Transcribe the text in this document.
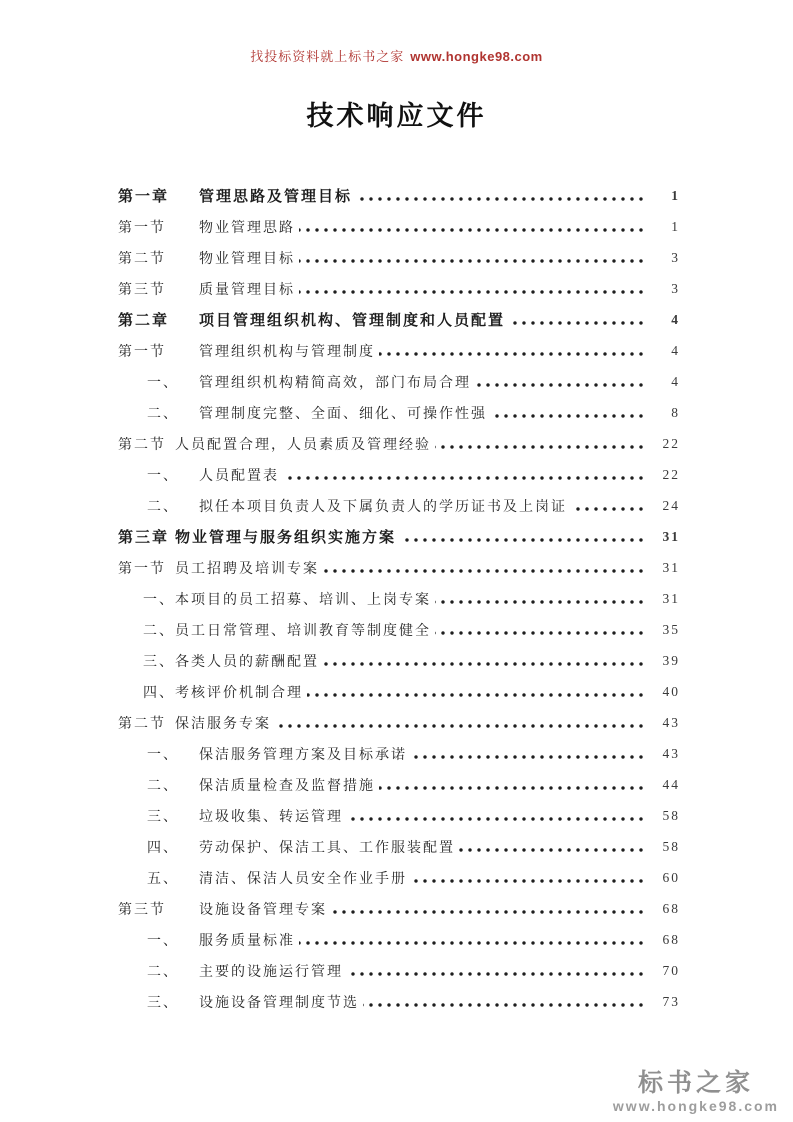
找投标资料就上标书之家 www.hongke98.com
技术响应文件
第一章	管理思路及管理目标	1
第一节	物业管理思路	1
第二节	物业管理目标	3
第三节	质量管理目标	3
第二章	项目管理组织机构、管理制度和人员配置	4
第一节	管理组织机构与管理制度	4
一、	管理组织机构精简高效，部门布局合理	4
二、	管理制度完整、全面、细化、可操作性强	8
第二节 人员配置合理，人员素质及管理经验	22
一、	人员配置表	22
二、	拟任本项目负责人及下属负责人的学历证书及上岗证	24
第三章 物业管理与服务组织实施方案	31
第一节 员工招聘及培训专案	31
一、 本项目的员工招募、培训、上岗专案	31
二、 员工日常管理、培训教育等制度健全	35
三、 各类人员的薪酬配置	39
四、 考核评价机制合理	40
第二节 保洁服务专案	43
一、	保洁服务管理方案及目标承诺	43
二、	保洁质量检查及监督措施	44
三、	垃圾收集、转运管理	58
四、	劳动保护、保洁工具、工作服装配置	58
五、	清洁、保洁人员安全作业手册	60
第三节	设施设备管理专案	68
一、	服务质量标准	68
二、	主要的设施运行管理	70
三、	设施设备管理制度节选	73
标书之家
www.hongke98.com
